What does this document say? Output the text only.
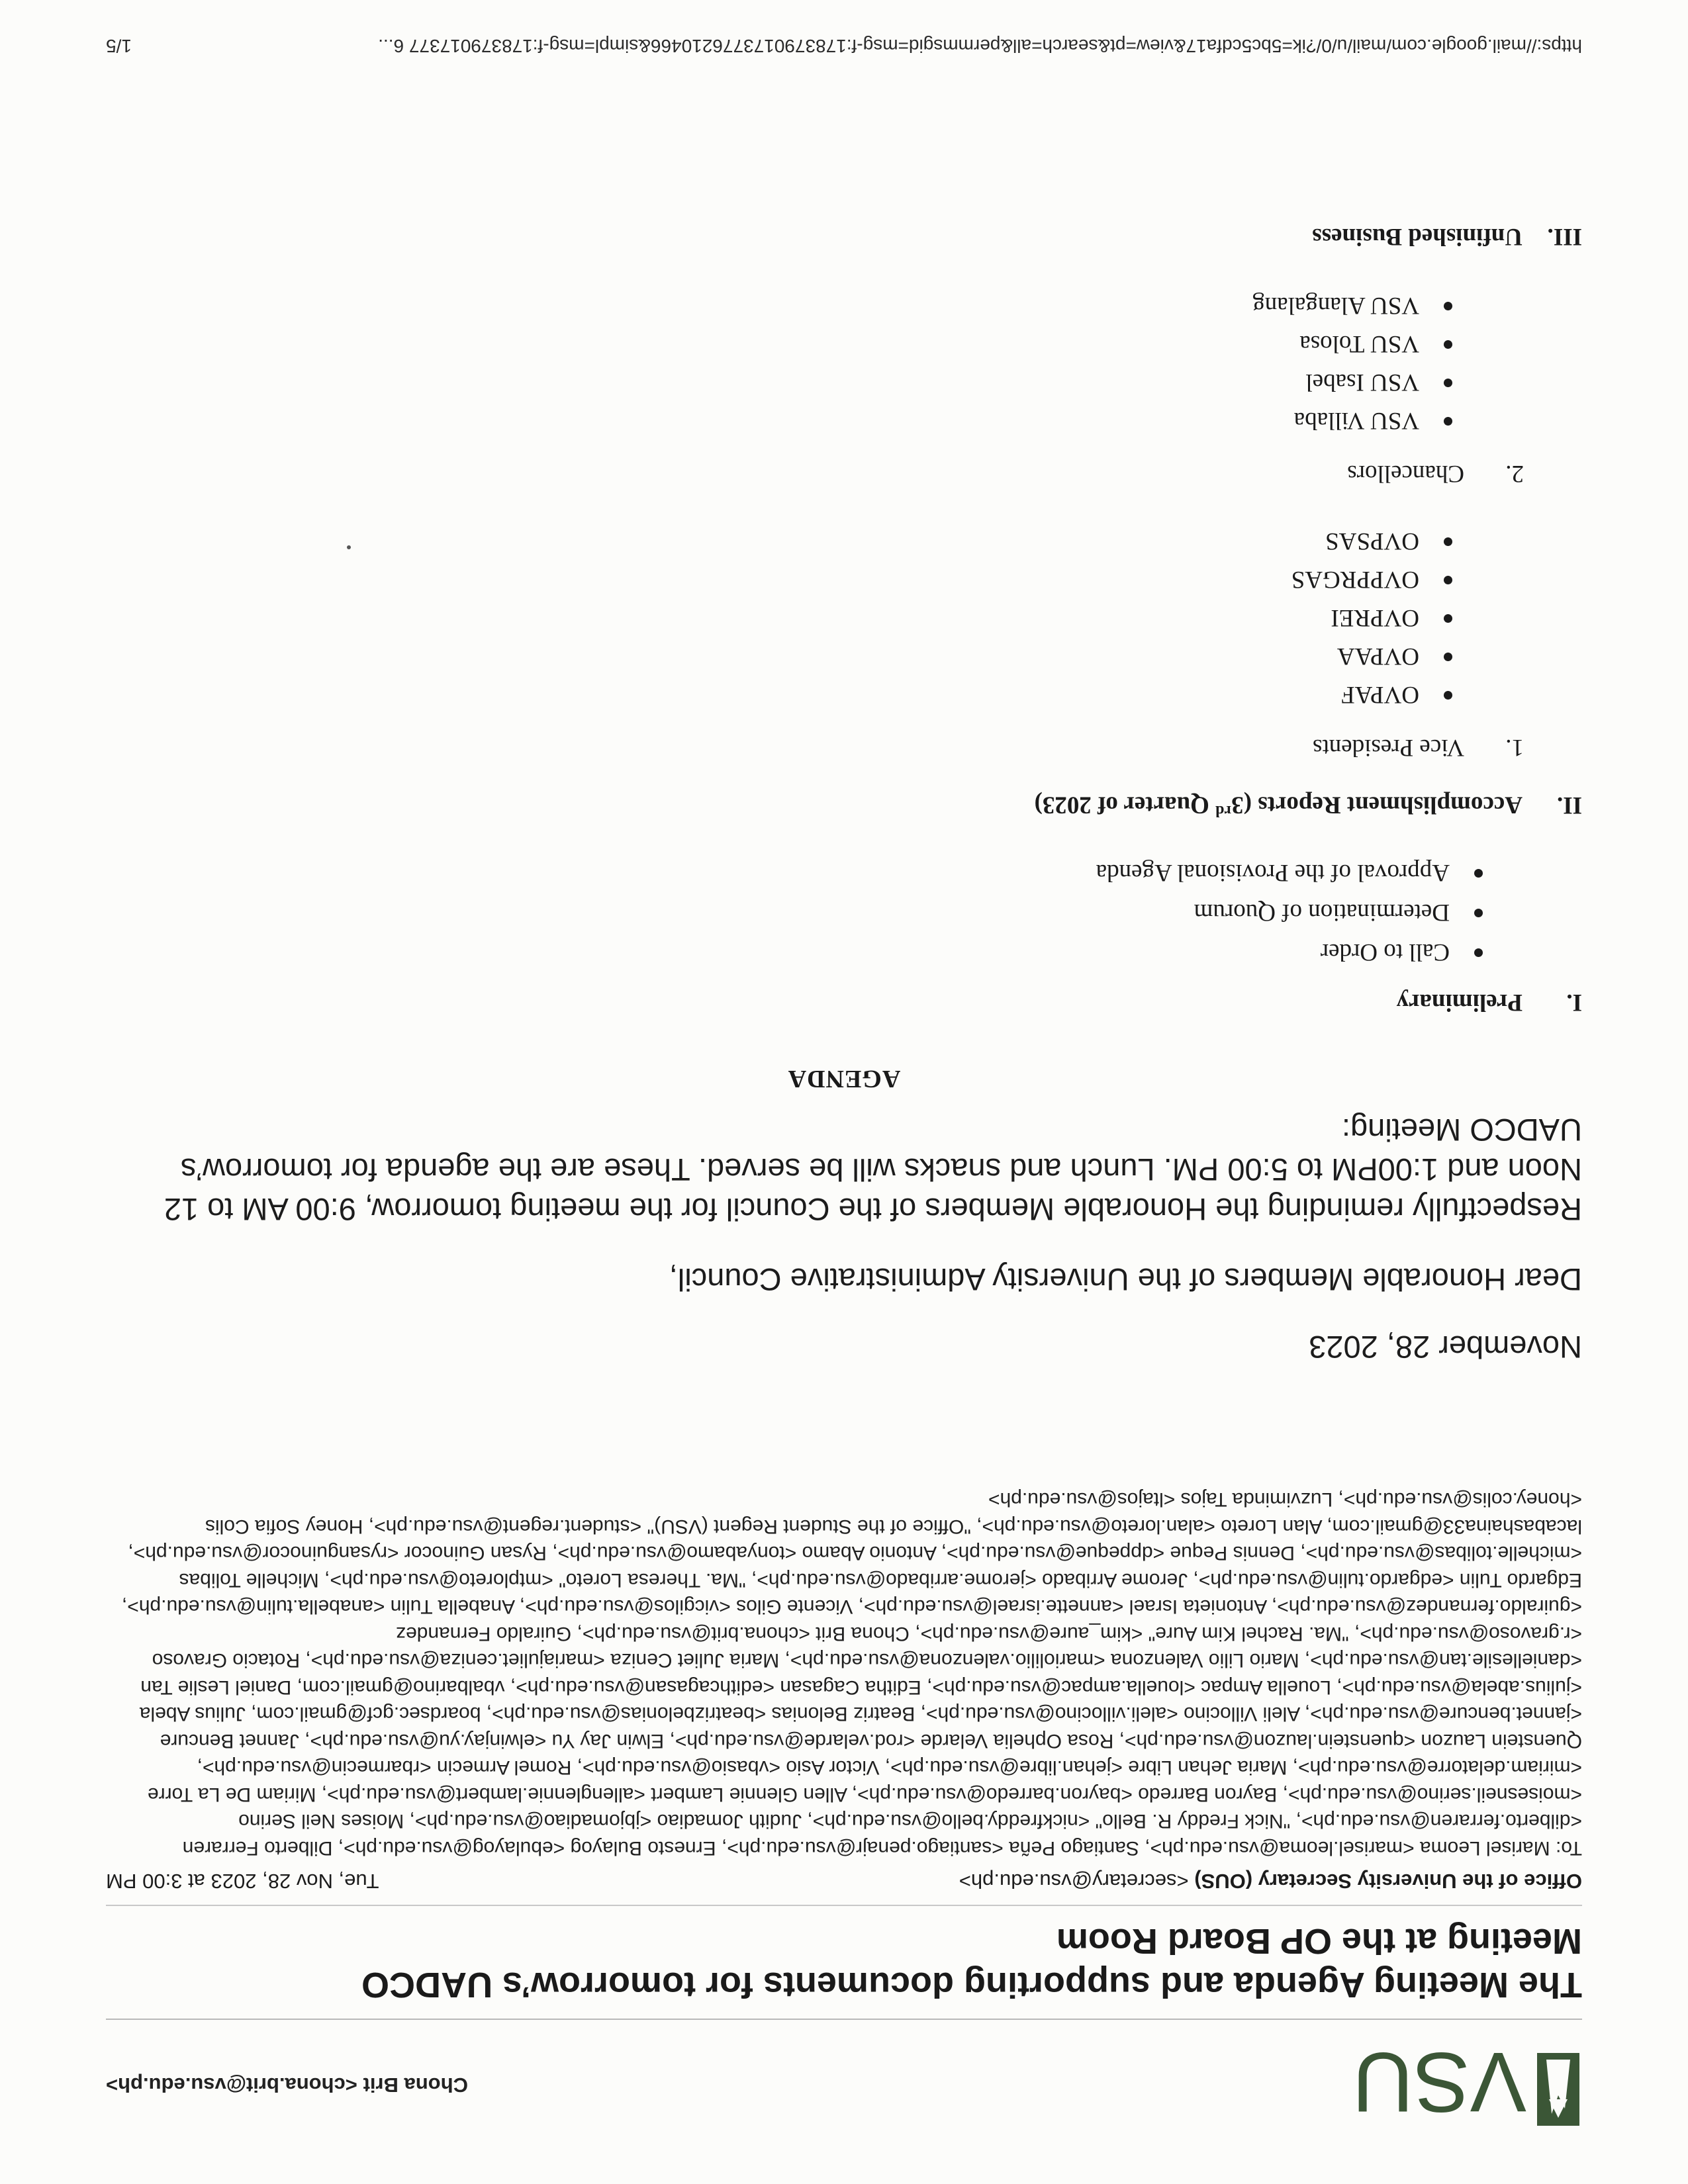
VSU
Chona Brit <chona.brit@vsu.edu.ph>
The Meeting Agenda and supporting documents for tomorrow’s UADCO Meeting at the OP Board Room
Office of the University Secretary (OUS) <secretary@vsu.edu.ph>
Tue, Nov 28, 2023 at 3:00 PM
To: Marisel Leoma <marisel.leoma@vsu.edu.ph>, Santiago Peña <santiago.penajr@vsu.edu.ph>, Ernesto Bulayog <ebulayog@vsu.edu.ph>, Dilberto Ferraren <dilberto.ferraren@vsu.edu.ph>, "Nick Freddy R. Bello" <nickfreddy.bello@vsu.edu.ph>, Judith Jomadiao <jbjomadiao@vsu.edu.ph>, Moises Neil Serino <moisesneil.serino@vsu.edu.ph>, Bayron Barredo <bayron.barredo@vsu.edu.ph>, Allen Glennie Lambert <allenglennie.lambert@vsu.edu.ph>, Miriam De La Torre <miriam.delatorre@vsu.edu.ph>, Maria Jehan Libre <jehan.libre@vsu.edu.ph>, Victor Asio <vbasio@vsu.edu.ph>, Romel Armecin <rbarmecin@vsu.edu.ph>, Quenstein Lauzon <quenstein.lauzon@vsu.edu.ph>, Rosa Ophelia Velarde <rod.velarde@vsu.edu.ph>, Elwin Jay Yu <elwinjay.yu@vsu.edu.ph>, Jannet Bencure <jannet.bencure@vsu.edu.ph>, Aleli Villocino <aleli.villocino@vsu.edu.ph>, Beatriz Belonias <beatrizbelonias@vsu.edu.ph>, boardsec.gcf@gmail.com, Julius Abela <julius.abela@vsu.edu.ph>, Louella Ampac <louella.ampac@vsu.edu.ph>, Editha Cagasan <edithcagasan@vsu.edu.ph>, vbalbarino@gmail.com, Daniel Leslie Tan <daniellesile.tan@vsu.edu.ph>, Mario Lilio Valenzona <mariolilio.valenzona@vsu.edu.ph>, Maria Juliet Ceniza <mariajuliet.ceniza@vsu.edu.ph>, Rotacio Gravoso <r.gravoso@vsu.edu.ph>, "Ma. Rachel Kim Aure" <kim_aure@vsu.edu.ph>, Chona Brit <chona.brit@vsu.edu.ph>, Guiraldo Fernandez <guiraldo.fernandez@vsu.edu.ph>, Antonieta Israel <annette.israel@vsu.edu.ph>, Vicente Gilos <vicgilos@vsu.edu.ph>, Anabella Tulin <anabella.tulin@vsu.edu.ph>, Edgardo Tulin <edgardo.tulin@vsu.edu.ph>, Jerome Arribado <jerome.arribado@vsu.edu.ph>, "Ma. Theresa Loreto" <mtploreto@vsu.edu.ph>, Michelle Tolibas <michelle.tolibas@vsu.edu.ph>, Dennis Peque <dppeque@vsu.edu.ph>, Antonio Abamo <tonyabamo@vsu.edu.ph>, Rysan Guinocor <rysanguinocor@vsu.edu.ph>, lacabashaina33@gmail.com, Alan Loreto <alan.loreto@vsu.edu.ph>, "Office of the Student Regent (VSU)" <student.regent@vsu.edu.ph>, Honey Sofia Colis <honey.colis@vsu.edu.ph>, Luzviminda Tajos <ltajos@vsu.edu.ph>

November 28, 2023

Dear Honorable Members of the University Administrative Council,

Respectfully reminding the Honorable Members of the Council for the meeting tomorrow, 9:00 AM to 12 Noon and 1:00PM to 5:00 PM. Lunch and snacks will be served. These are the agenda for tomorrow’s UADCO Meeting:

AGENDA

I.
Preliminary

Call to Order
Determination of Quorum
Approval of the Provisional Agenda

II.
Accomplishment Reports (3rd Quarter of 2023)

1.
Vice Presidents

OVPAF
OVPAA
OVPREI
OVPPRGAS
OVPSAS

2.
Chancellors

VSU Villaba
VSU Isabel
VSU Tolosa
VSU Alangalang

III.
Unfinished Business

https://mail.google.com/mail/u/0/?ik=5bc5cdfa17&view=pt&search=all&permmsgid=msg-f:1783790173776210466&simpl=msg-f:178379017377 6...
1/5
